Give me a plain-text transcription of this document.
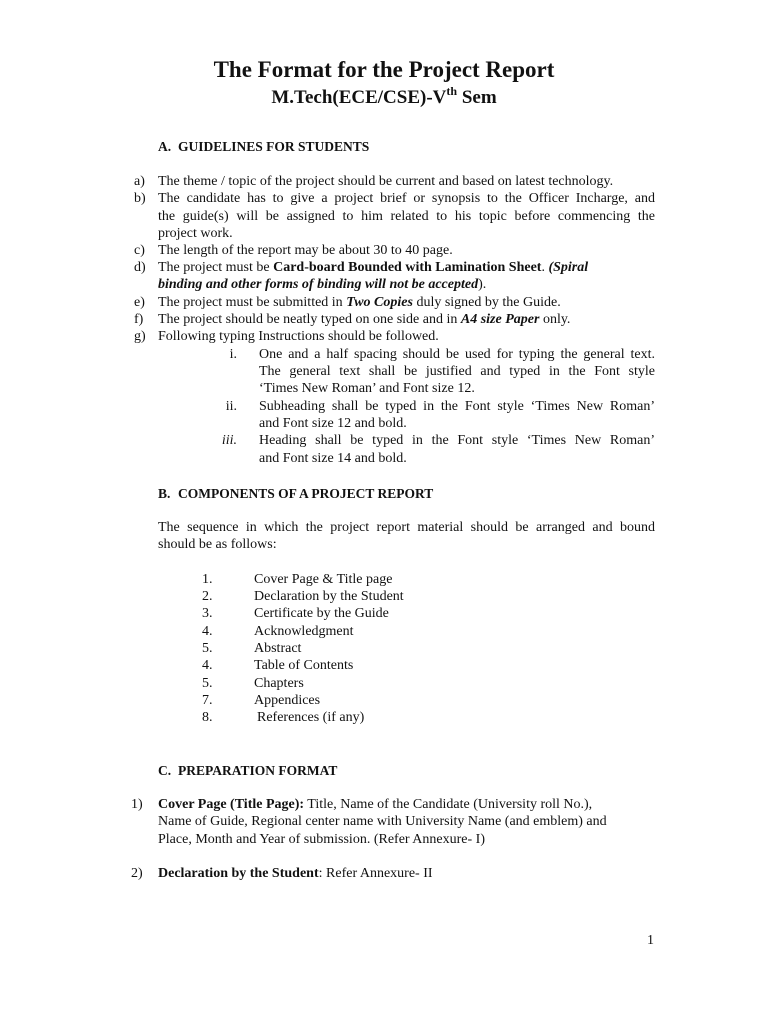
The Format for the Project Report
M.Tech(ECE/CSE)-Vth Sem
A. GUIDELINES FOR STUDENTS
a) The theme / topic of the project should be current and based on latest technology.
b) The candidate has to give a project brief or synopsis to the Officer Incharge, and
the guide(s) will be assigned to him related to his topic before commencing the
project work.
c) The length of the report may be about 30 to 40 page.
d) The project must be Card-board Bounded with Lamination Sheet. (Spiral
binding and other forms of binding will not be accepted).
e) The project must be submitted in Two Copies duly signed by the Guide.
f) The project should be neatly typed on one side and in A4 size Paper only.
g) Following typing Instructions should be followed.
i. One and a half spacing should be used for typing the general text.
The general text shall be justified and typed in the Font style
‘Times New Roman’ and Font size 12.
ii. Subheading shall be typed in the Font style ‘Times New Roman’
and Font size 12 and bold.
iii. Heading shall be typed in the Font style ‘Times New Roman’
and Font size 14 and bold.
B. COMPONENTS OF A PROJECT REPORT
The sequence in which the project report material should be arranged and bound
should be as follows:
1.	Cover Page & Title page
2.	Declaration by the Student
3.	Certificate by the Guide
4.	Acknowledgment
5.	Abstract
4.	Table of Contents
5.	Chapters
7.	Appendices
8.	References (if any)
C. PREPARATION FORMAT
1) Cover Page (Title Page): Title, Name of the Candidate (University roll No.),
Name of Guide, Regional center name with University Name (and emblem) and
Place, Month and Year of submission. (Refer Annexure- I)
2) Declaration by the Student: Refer Annexure- II
1
